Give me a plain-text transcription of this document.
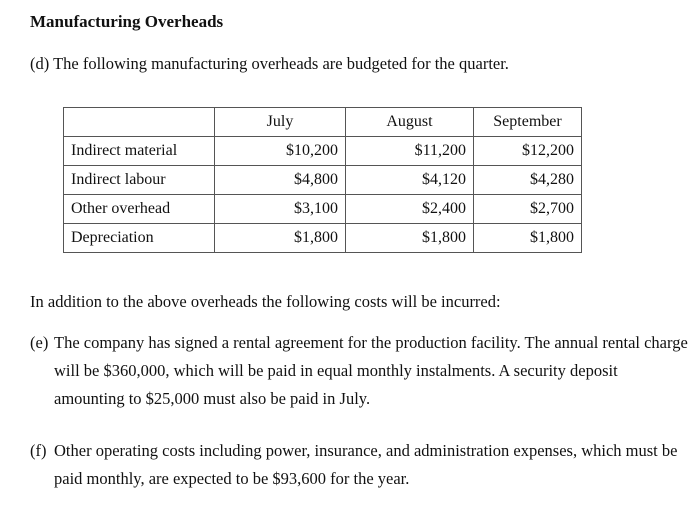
Manufacturing Overheads
(d) The following manufacturing overheads are budgeted for the quarter.
	July	August	September
Indirect material	$10,200	$11,200	$12,200
Indirect labour	$4,800	$4,120	$4,280
Other overhead	$3,100	$2,400	$2,700
Depreciation	$1,800	$1,800	$1,800
In addition to the above overheads the following costs will be incurred:
(e) The company has signed a rental agreement for the production facility. The annual rental charge will be $360,000, which will be paid in equal monthly instalments. A security deposit amounting to $25,000 must also be paid in July.
(f) Other operating costs including power, insurance, and administration expenses, which must be paid monthly, are expected to be $93,600 for the year.
